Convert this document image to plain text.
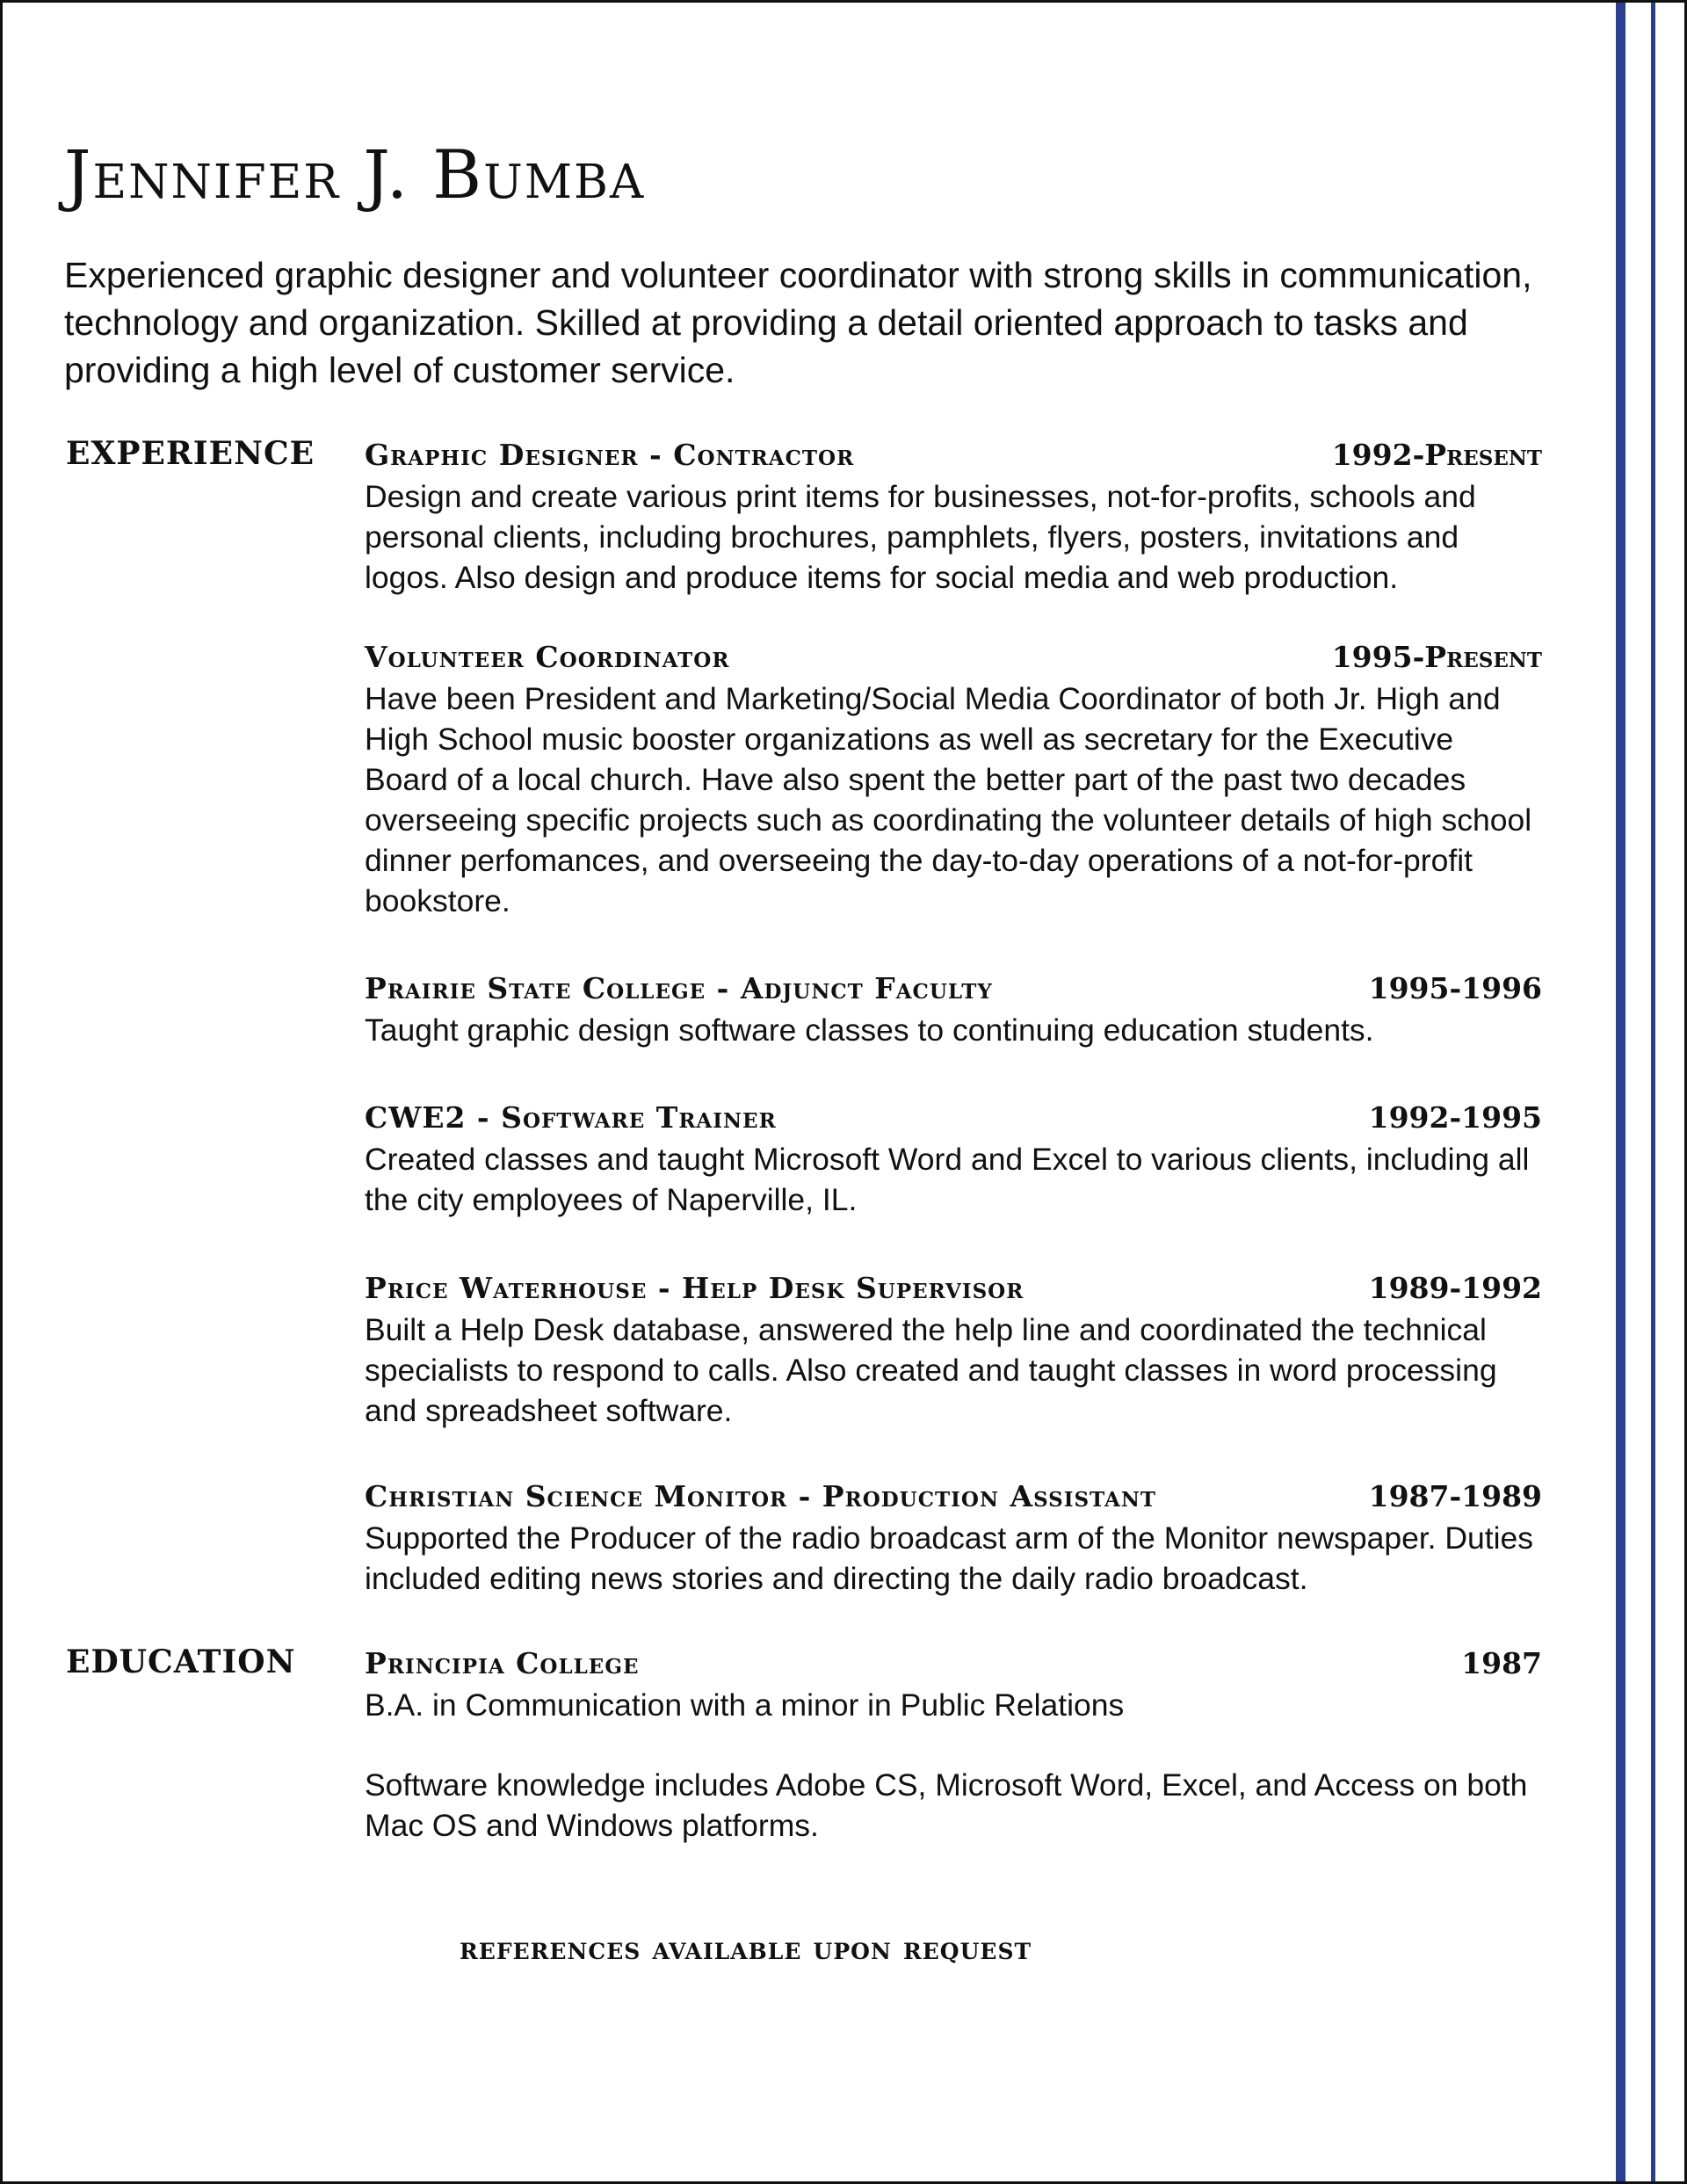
Jennifer J. Bumba

Experienced graphic designer and volunteer coordinator with strong skills in communication, technology and organization. Skilled at providing a detail oriented approach to tasks and providing a high level of customer service.

EXPERIENCE Graphic Designer - Contractor	1992-Present

Design and create various print items for businesses, not-for-profits, schools and personal clients, including brochures, pamphlets, flyers, posters, invitations and logos. Also design and produce items for social media and web production.

Volunteer Coordinator	1995-Present

Have been President and Marketing/Social Media Coordinator of both Jr. High and High School music booster organizations as well as secretary for the Executive Board of a local church. Have also spent the better part of the past two decades overseeing specific projects such as coordinating the volunteer details of high school dinner perfomances, and overseeing the day-to-day operations of a not-for-profit bookstore.

Prairie State College - Adjunct Faculty	1995-1996

Taught graphic design software classes to continuing education students.

CWE2 - Software Trainer	1992-1995

Created classes and taught Microsoft Word and Excel to various clients, including all the city employees of Naperville, IL.

Price Waterhouse - Help Desk Supervisor	1989-1992

Built a Help Desk database, answered the help line and coordinated the technical specialists to respond to calls. Also created and taught classes in word processing and spreadsheet software.

Christian Science Monitor - Production Assistant	1987-1989

Supported the Producer of the radio broadcast arm of the Monitor newspaper. Duties included editing news stories and directing the daily radio broadcast.

EDUCATION Principia College	1987

B.A. in Communication with a minor in Public Relations

Software knowledge includes Adobe CS, Microsoft Word, Excel, and Access on both Mac OS and Windows platforms.

references available upon request
